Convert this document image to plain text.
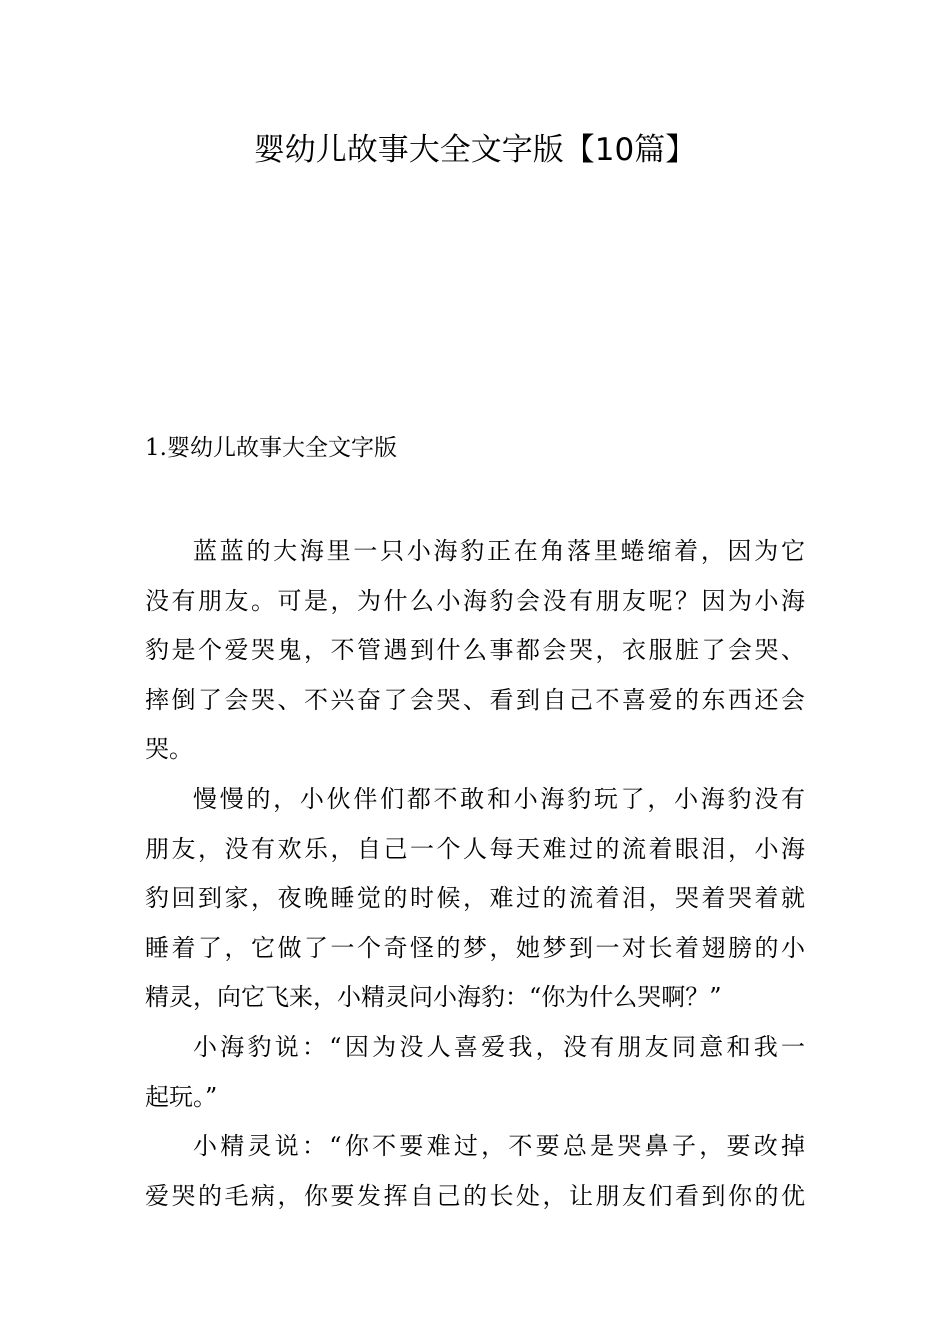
婴幼儿故事大全文字版【10篇】
1.婴幼儿故事大全文字版

蓝蓝的大海里一只小海豹正在角落里蜷缩着，因为它
没有朋友。可是，为什么小海豹会没有朋友呢？因为小海
豹是个爱哭鬼，不管遇到什么事都会哭，衣服脏了会哭、
摔倒了会哭、不兴奋了会哭、看到自己不喜爱的东西还会
哭。

慢慢的，小伙伴们都不敢和小海豹玩了，小海豹没有
朋友，没有欢乐，自己一个人每天难过的流着眼泪，小海
豹回到家，夜晚睡觉的时候，难过的流着泪，哭着哭着就
睡着了，它做了一个奇怪的梦，她梦到一对长着翅膀的小
精灵，向它飞来，小精灵问小海豹：“你为什么哭啊？”

小海豹说：“因为没人喜爱我，没有朋友同意和我一
起玩。”

小精灵说：“你不要难过，不要总是哭鼻子，要改掉
爱哭的毛病，你要发挥自己的长处，让朋友们看到你的优
